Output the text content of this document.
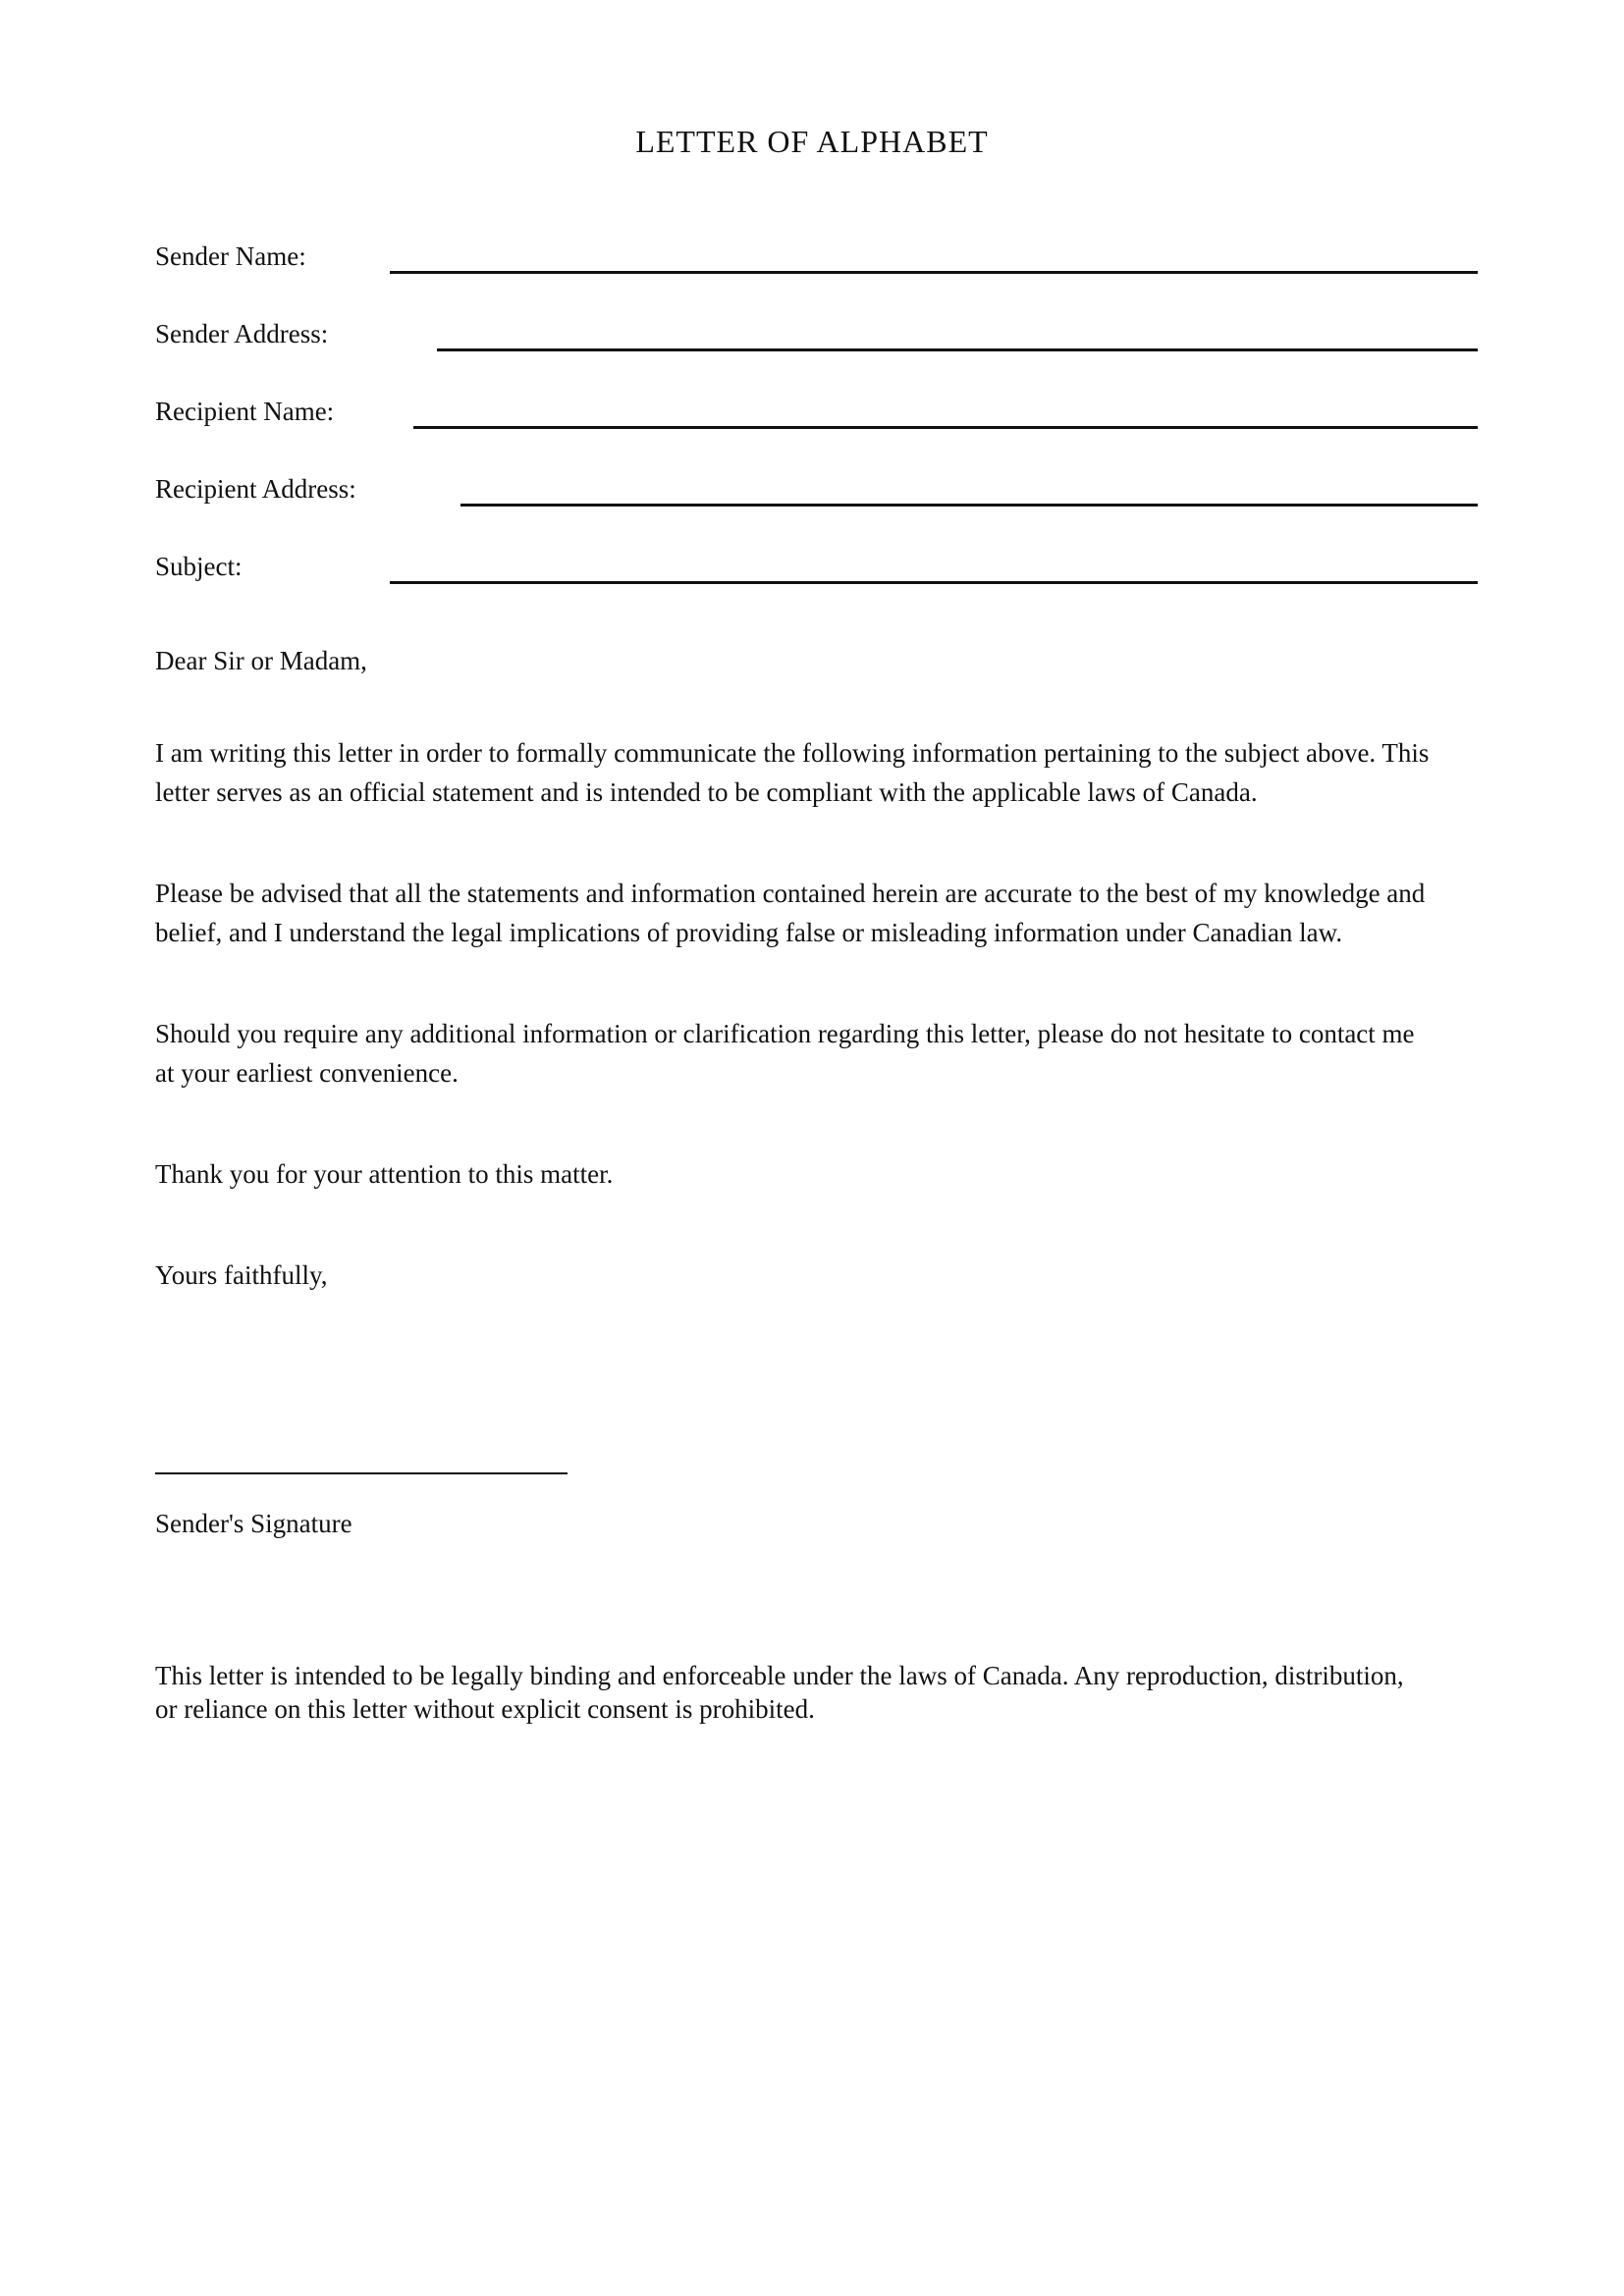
LETTER OF ALPHABET
Sender Name:
Sender Address:
Recipient Name:
Recipient Address:
Subject:
Dear Sir or Madam,
I am writing this letter in order to formally communicate the following information pertaining to the subject above. This
letter serves as an official statement and is intended to be compliant with the applicable laws of Canada.
Please be advised that all the statements and information contained herein are accurate to the best of my knowledge and
belief, and I understand the legal implications of providing false or misleading information under Canadian law.
Should you require any additional information or clarification regarding this letter, please do not hesitate to contact me
at your earliest convenience.
Thank you for your attention to this matter.
Yours faithfully,
Sender's Signature
This letter is intended to be legally binding and enforceable under the laws of Canada. Any reproduction, distribution,
or reliance on this letter without explicit consent is prohibited.
